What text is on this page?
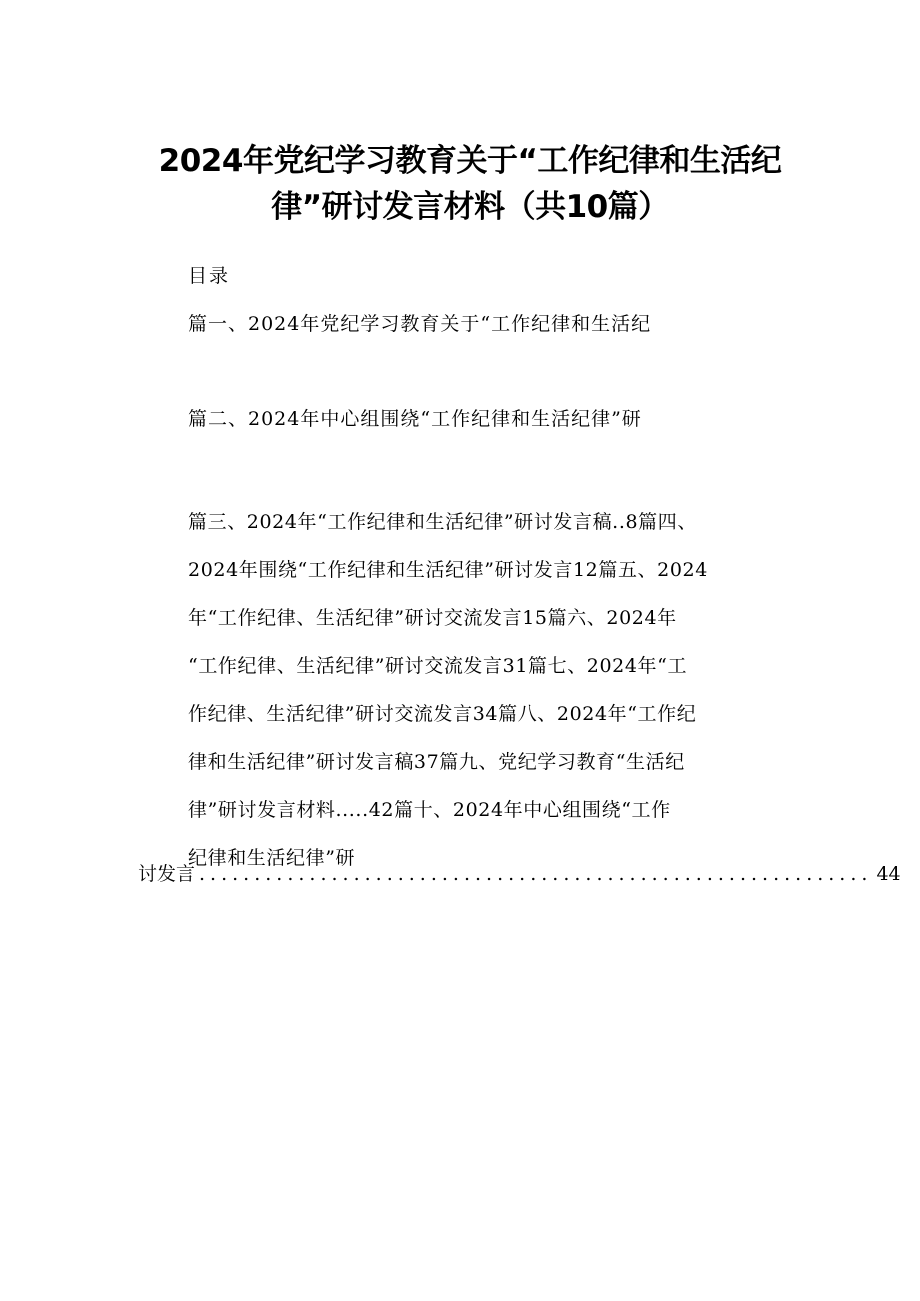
2024年党纪学习教育关于“工作纪律和生活纪
律”研讨发言材料（共10篇）
目录
篇一、2024年党纪学习教育关于“工作纪律和生活纪
篇二、2024年中心组围绕“工作纪律和生活纪律”研
篇三、2024年“工作纪律和生活纪律”研讨发言稿..8篇四、
2024年围绕“工作纪律和生活纪律”研讨发言12篇五、2024
年“工作纪律、生活纪律”研讨交流发言15篇六、2024年
“工作纪律、生活纪律”研讨交流发言31篇七、2024年“工
作纪律、生活纪律”研讨交流发言34篇八、2024年“工作纪
律和生活纪律”研讨发言稿37篇九、党纪学习教育“生活纪
律”研讨发言材料.....42篇十、2024年中心组围绕“工作
纪律和生活纪律”研
讨发言 ............................................................. 44
